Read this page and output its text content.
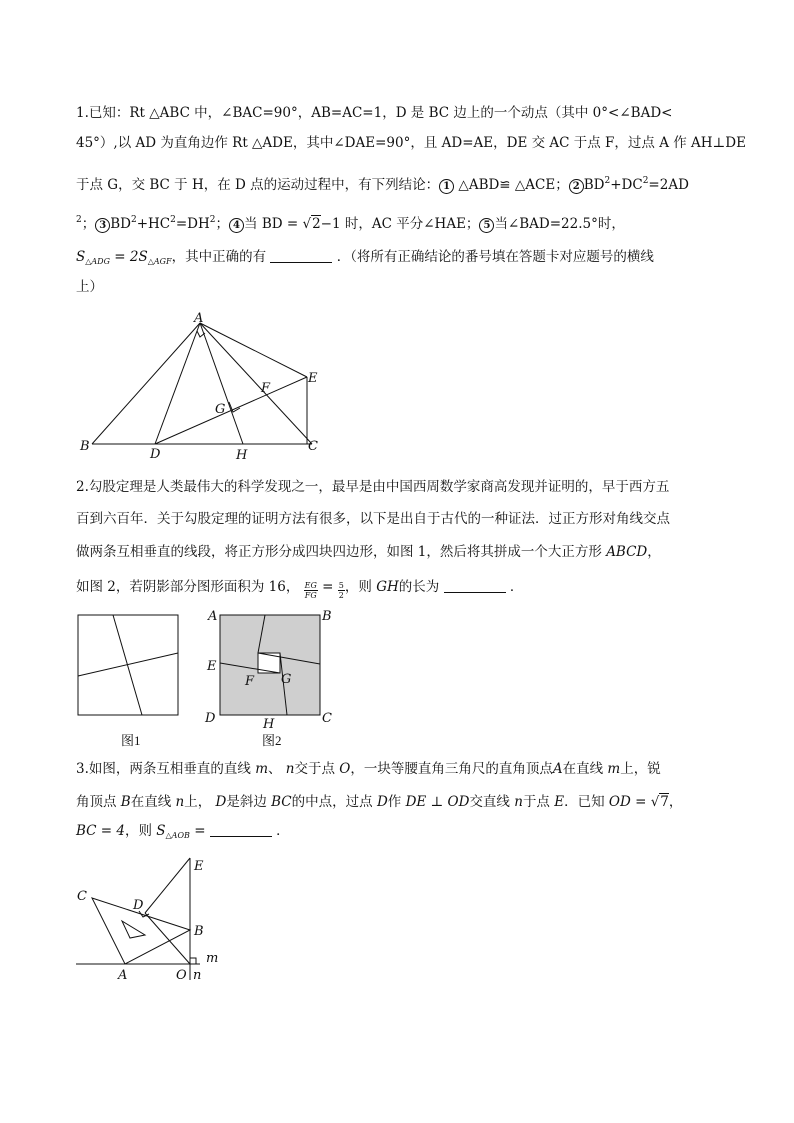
1.已知：Rt △ABC 中，∠BAC=90°，AB=AC=1，D 是 BC 边上的一个动点（其中 0°<∠BAD<
45°）,以 AD 为直角边作 Rt △ADE，其中∠DAE=90°，且 AD=AE，DE 交 AC 于点 F，过点 A 作 AH⊥DE
于点 G，交 BC 于 H，在 D 点的运动过程中，有下列结论： 1 △ABD≌ △ACE； 2 $BD^2+DC^2=2AD$
$^2$； 3 $BD^2+HC^2=DH^2$； 4 当 BD = √2−1 时，AC 平分∠HAE； 5 当∠BAD=22.5°时，
$S_{\triangle ADG} = 2S_{\triangle AGF}$，其中正确的有	．（将所有正确结论的番号填在答题卡对应题号的横线
上）
A
B	C
D
E
F
G
H
2.勾股定理是人类最伟大的科学发现之一，最早是由中国西周数学家商高发现并证明的，早于西方五
百到六百年．关于勾股定理的证明方法有很多，以下是出自于古代的一种证法．过正方形对角线交点
做两条互相垂直的线段，将正方形分成四块四边形，如图 1，然后将其拼成一个大正方形 ABCD，
如图 2，若阴影部分图形面积为 16， $\frac{EG}{FG} = \frac{5}{2}$ ，则 GH的长为	．
图1
A	B
C
D
E
F G
H
图2
3.如图，两条互相垂直的直线 m、 n交于点 O，一块等腰直角三角尺的直角顶点A在直线 m上，锐
角顶点 B在直线 n上， D是斜边 BC的中点，过点 D作 DE ⊥ OD交直线 n于点 E．已知 OD = √7，
BC = 4，则 $S_{\triangle AOB}$ =	．
C
D
E
B
A	O n
m
